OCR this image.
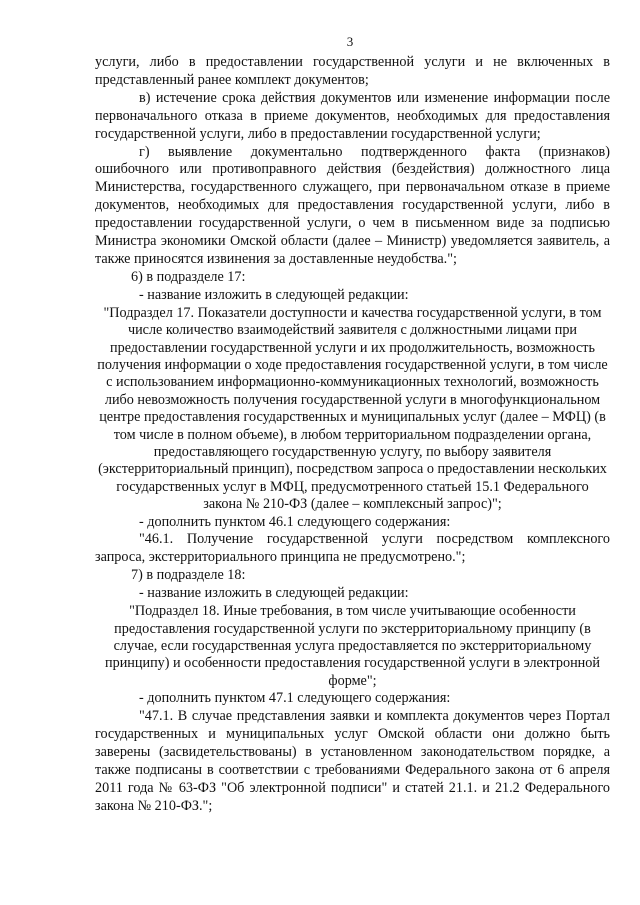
3

услуги, либо в предоставлении государственной услуги и не включенных в представленный ранее комплект документов;

в) истечение срока действия документов или изменение информации после первоначального отказа в приеме документов, необходимых для предоставления государственной услуги, либо в предоставлении государственной услуги;

г) выявление документально подтвержденного факта (признаков) ошибочного или противоправного действия (бездействия) должностного лица Министерства, государственного служащего, при первоначальном отказе в приеме документов, необходимых для предоставления государственной услуги, либо в предоставлении государственной услуги, о чем в письменном виде за подписью Министра экономики Омской области (далее – Министр) уведомляется заявитель, а также приносятся извинения за доставленные неудобства.";

6) в подразделе 17:

- название изложить в следующей редакции:

"Подраздел 17. Показатели доступности и качества государственной услуги, в том числе количество взаимодействий заявителя с должностными лицами при предоставлении государственной услуги и их продолжительность, возможность получения информации о ходе предоставления государственной услуги, в том числе с использованием информационно-коммуникационных технологий, возможность либо невозможность получения государственной услуги в многофункциональном центре предоставления государственных и муниципальных услуг (далее – МФЦ) (в том числе в полном объеме), в любом территориальном подразделении органа, предоставляющего государственную услугу, по выбору заявителя (экстерриториальный принцип), посредством запроса о предоставлении нескольких государственных услуг в МФЦ, предусмотренного статьей 15.1 Федерального закона № 210-ФЗ (далее – комплексный запрос)";

- дополнить пунктом 46.1 следующего содержания:

"46.1. Получение государственной услуги посредством комплексного запроса, экстерриториального принципа не предусмотрено.";

7) в подразделе 18:

- название изложить в следующей редакции:

"Подраздел 18. Иные требования, в том числе учитывающие особенности предоставления государственной услуги по экстерриториальному принципу (в случае, если государственная услуга предоставляется по экстерриториальному принципу) и особенности предоставления государственной услуги в электронной форме";

- дополнить пунктом 47.1 следующего содержания:

"47.1. В случае представления заявки и комплекта документов через Портал государственных и муниципальных услуг Омской области они должно быть заверены (засвидетельствованы) в установленном законодательством порядке, а также подписаны в соответствии с требованиями Федерального закона от 6 апреля 2011 года № 63-ФЗ "Об электронной подписи" и статей 21.1. и 21.2 Федерального закона № 210-ФЗ.";
